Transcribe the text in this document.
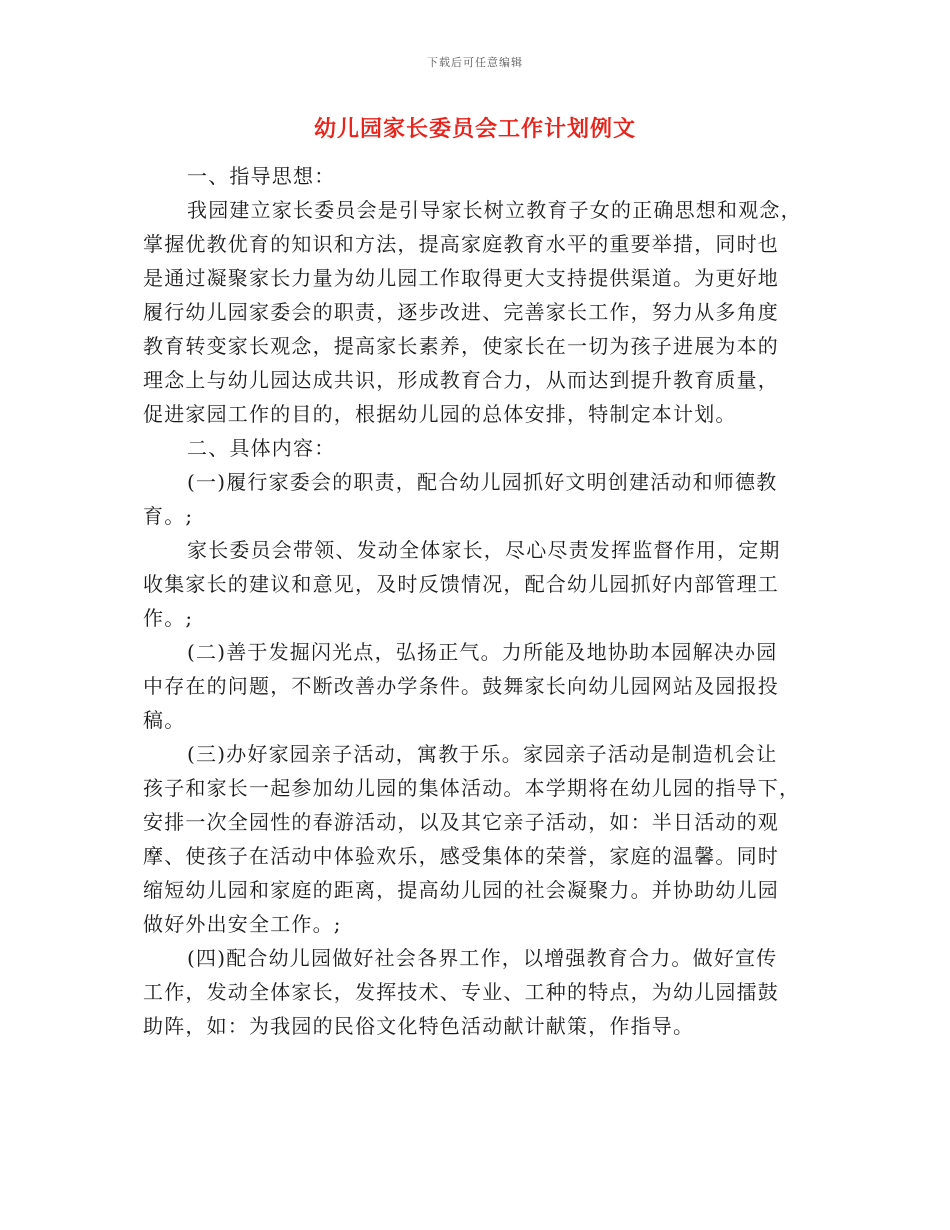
下载后可任意编辑
幼儿园家长委员会工作计划例文
一、指导思想：
我园建立家长委员会是引导家长树立教育子女的正确思想和观念，
掌握优教优育的知识和方法，提高家庭教育水平的重要举措，同时也
是通过凝聚家长力量为幼儿园工作取得更大支持提供渠道。为更好地
履行幼儿园家委会的职责，逐步改进、完善家长工作，努力从多角度
教育转变家长观念，提高家长素养，使家长在一切为孩子进展为本的
理念上与幼儿园达成共识，形成教育合力，从而达到提升教育质量，
促进家园工作的目的，根据幼儿园的总体安排，特制定本计划。
二、具体内容：
(一)履行家委会的职责，配合幼儿园抓好文明创建活动和师德教
育。;
家长委员会带领、发动全体家长，尽心尽责发挥监督作用，定期
收集家长的建议和意见，及时反馈情况，配合幼儿园抓好内部管理工
作。;
(二)善于发掘闪光点，弘扬正气。力所能及地协助本园解决办园
中存在的问题，不断改善办学条件。鼓舞家长向幼儿园网站及园报投
稿。
(三)办好家园亲子活动，寓教于乐。家园亲子活动是制造机会让
孩子和家长一起参加幼儿园的集体活动。本学期将在幼儿园的指导下，
安排一次全园性的春游活动，以及其它亲子活动，如：半日活动的观
摩、使孩子在活动中体验欢乐，感受集体的荣誉，家庭的温馨。同时
缩短幼儿园和家庭的距离，提高幼儿园的社会凝聚力。并协助幼儿园
做好外出安全工作。;
(四)配合幼儿园做好社会各界工作，以增强教育合力。做好宣传
工作，发动全体家长，发挥技术、专业、工种的特点，为幼儿园擂鼓
助阵，如：为我园的民俗文化特色活动献计献策，作指导。
